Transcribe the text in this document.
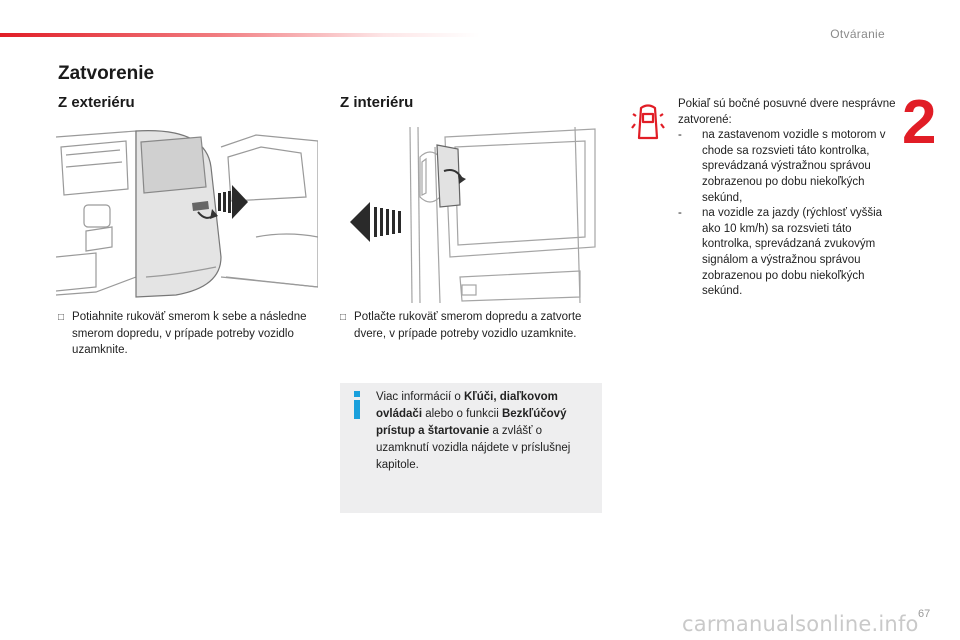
Otváranie
2
Zatvorenie
Z exteriéru	Z interiéru
□ Potiahnite rukoväť smerom k sebe a následne smerom dopredu, v prípade potreby vozidlo uzamknite.
□ Potlačte rukoväť smerom dopredu a zatvorte dvere, v prípade potreby vozidlo uzamknite.
Viac informácií o Kľúči, diaľkovom ovládači alebo o funkcii Bezkľúčový prístup a štartovanie a zvlášť o uzamknutí vozidla nájdete v príslušnej kapitole.
Pokiaľ sú bočné posuvné dvere nesprávne zatvorené:
-	na zastavenom vozidle s motorom v chode sa rozsvieti táto kontrolka, sprevádzaná výstražnou správou zobrazenou po dobu niekoľkých sekúnd,
-	na vozidle za jazdy (rýchlosť vyššia ako 10 km/h) sa rozsvieti táto kontrolka, sprevádzaná zvukovým signálom a výstražnou správou zobrazenou po dobu niekoľkých sekúnd.
carmanualsonline.info 67
